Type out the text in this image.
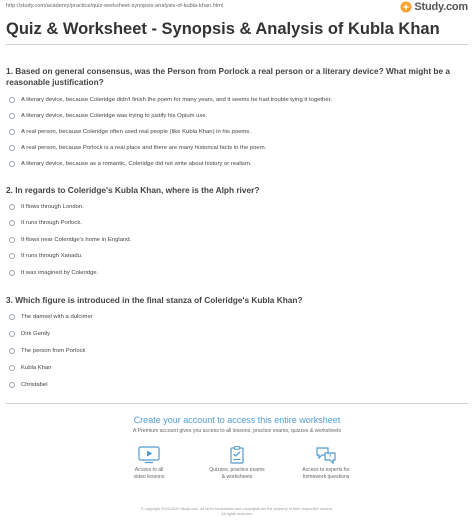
http://study.com/academy/practice/quiz-worksheet-synopsis-analysis-of-kubla-khan.html	Study.com
Quiz & Worksheet - Synopsis & Analysis of Kubla Khan
1. Based on general consensus, was the Person from Porlock a real person or a literary device? What might be a
reasonable justification?
A literary device, because Coleridge didn't finish the poem for many years, and it seems he had trouble tying it together.
A literary device, because Coleridge was trying to justify his Opium use.
A real person, because Coleridge often used real people (like Kubla Khan) in his poems.
A real person, because Porlock is a real place and there are many historical facts in the poem.
A literary device, because as a romantic, Coleridge did not write about history or realism.
2. In regards to Coleridge's Kubla Khan, where is the Alph river?
It flows through London.
It runs through Porlock.
It flows near Coleridge's home in England.
It runs through Xanadu.
It was imagined by Coleridge.
3. Which figure is introduced in the final stanza of Coleridge's Kubla Khan?
The damsel with a dulcimer
Dirk Gently
The person from Porlock
Kubla Khan
Christabel
Create your account to access this entire worksheet
A Premium account gives you access to all lessons, practice exams, quizzes & worksheets
Access to all
video lessons
Quizzes, practice exams
& worksheets
?
Access to experts for
homework questions
© copyright 2003-2020 Study.com. All other trademarks and copyrights are the property of their respective owners.
All rights reserved.
